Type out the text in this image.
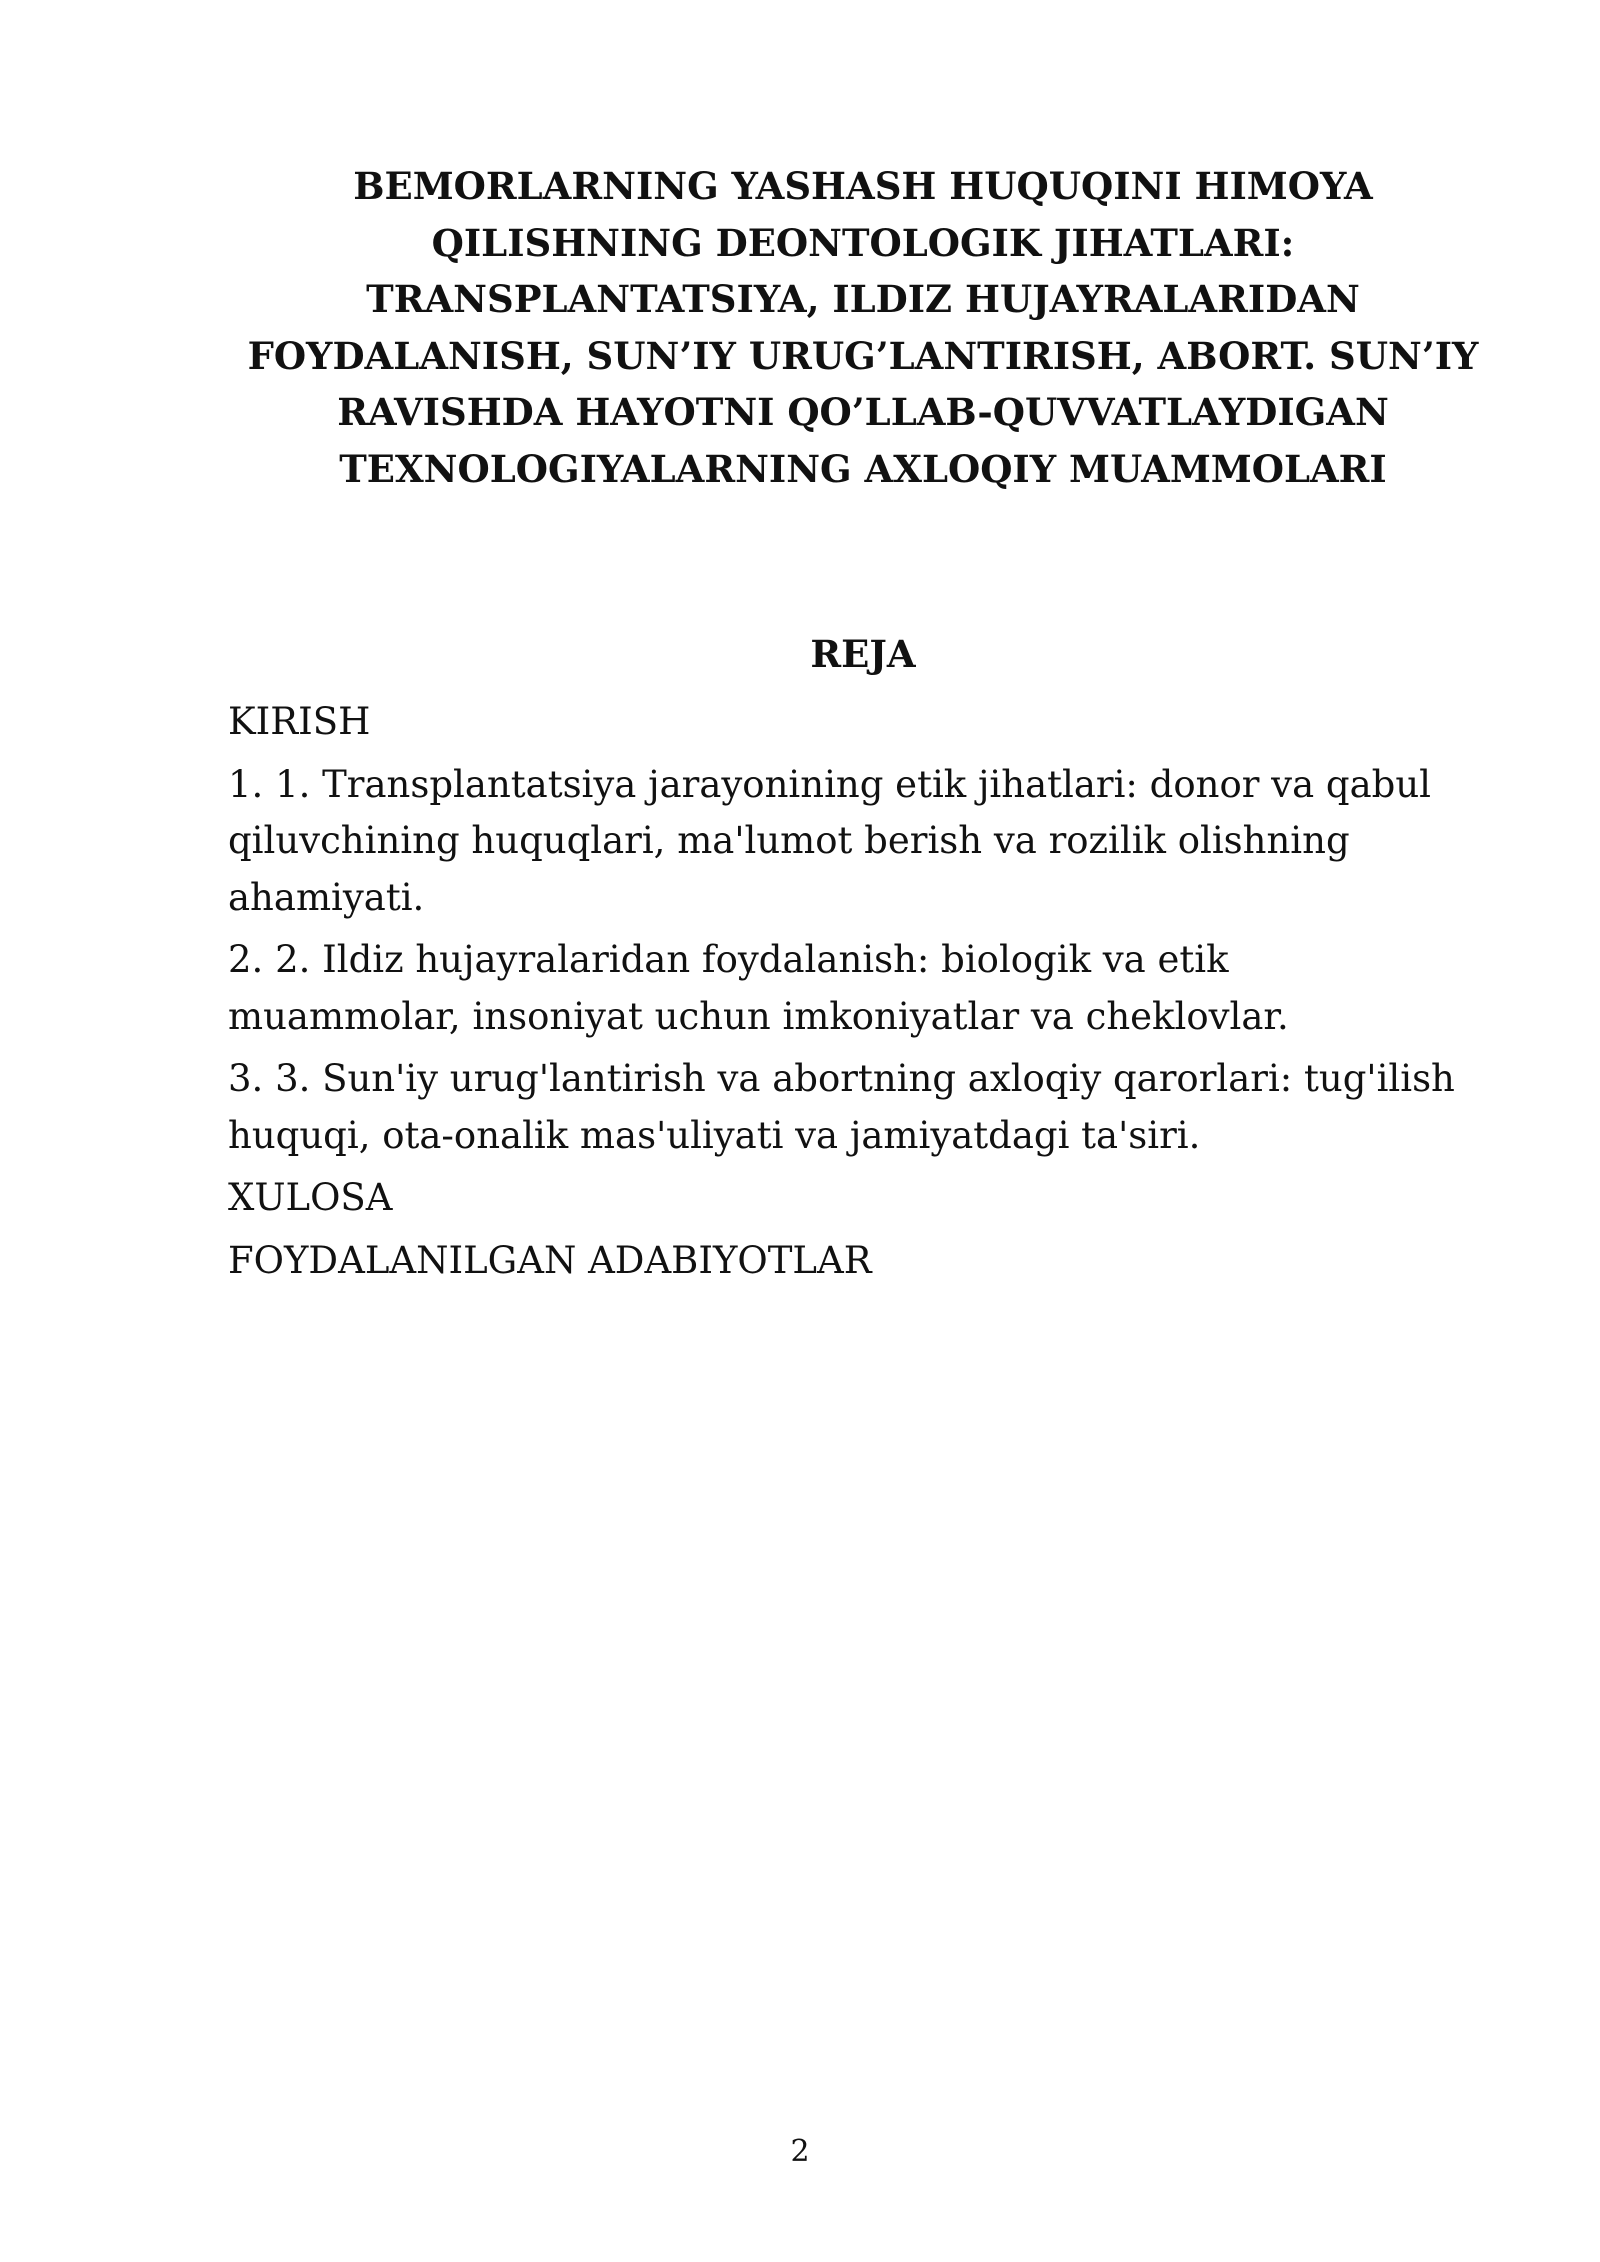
BEMORLARNING YASHASH HUQUQINI HIMOYA
QILISHNING DEONTOLOGIK JIHATLARI:
TRANSPLANTATSIYA, ILDIZ HUJAYRALARIDAN
FOYDALANISH, SUN’IY URUG’LANTIRISH, ABORT. SUN’IY
RAVISHDA HAYOTNI QO’LLAB-QUVVATLAYDIGAN
TEXNOLOGIYALARNING AXLOQIY MUAMMOLARI
REJA
KIRISH
1. 1. Transplantatsiya jarayonining etik jihatlari: donor va qabul
qiluvchining huquqlari, ma'lumot berish va rozilik olishning
ahamiyati.
2. 2. Ildiz hujayralaridan foydalanish: biologik va etik
muammolar, insoniyat uchun imkoniyatlar va cheklovlar.
3. 3. Sun'iy urug'lantirish va abortning axloqiy qarorlari: tug'ilish
huquqi, ota-onalik mas'uliyati va jamiyatdagi ta'siri.
XULOSA
FOYDALANILGAN ADABIYOTLAR
2
